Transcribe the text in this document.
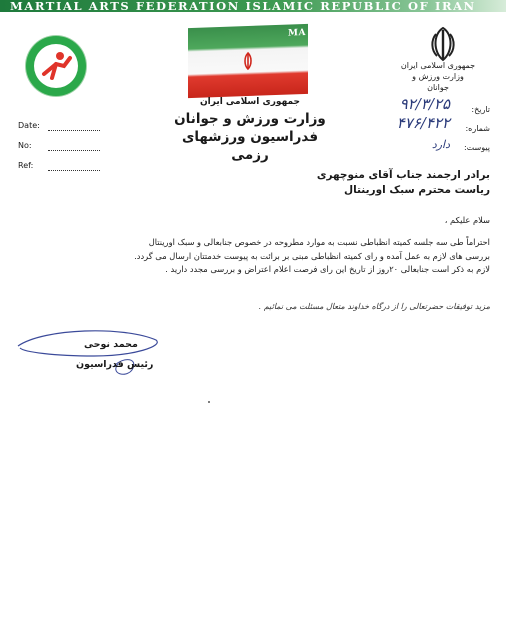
MARTIAL ARTS FEDERATION ISLAMIC REPUBLIC OF IRAN
MA
جمهوری اسلامی ایران
وزارت ورزش و جوانان
جمهوری اسلامی ایران
وزارت ورزش و جوانان
فدراسیون ورزشهای رزمی
Date:
No:
Ref:
تاریخ:
۹۲/۳/۲۵
شماره:
۴۷۶/۴۲۲
پیوست:
دارد
برادر ارجمند جناب آقای منوچهری
ریاست محترم سبک اورینتال
سلام علیکم ،
احتراماً طی سه جلسه کمیته انظباطی نسبت به موارد مطروحه در خصوص جنابعالی و سبک اورینتال
بررسی های لازم به عمل آمده و رای کمیته انظباطی مبنی بر برائت به پیوست خدمتتان ارسال می گردد.
لازم به ذکر است جنابعالی ۲۰روز از تاریخ این رای فرصت اعلام اعتراض و بررسی مجدد دارید .
مزید توفیقات حضرتعالی را از درگاه خداوند متعال مسئلت می نمائیم .
محمد نوحی
رئیس فدراسیون
